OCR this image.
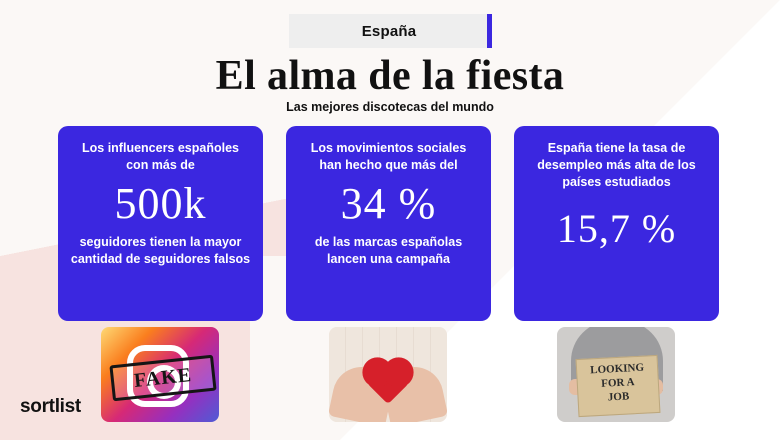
España
El alma de la fiesta
Las mejores discotecas del mundo
Los influencers españoles con más de
500k
seguidores tienen la mayor cantidad de seguidores falsos
Los movimientos sociales han hecho que más del
34 %
de las marcas españolas lancen una campaña
España tiene la tasa de desempleo más alta de los países estudiados
15,7 %
FAKE	LOOKING
FOR A
JOB
sortlist
